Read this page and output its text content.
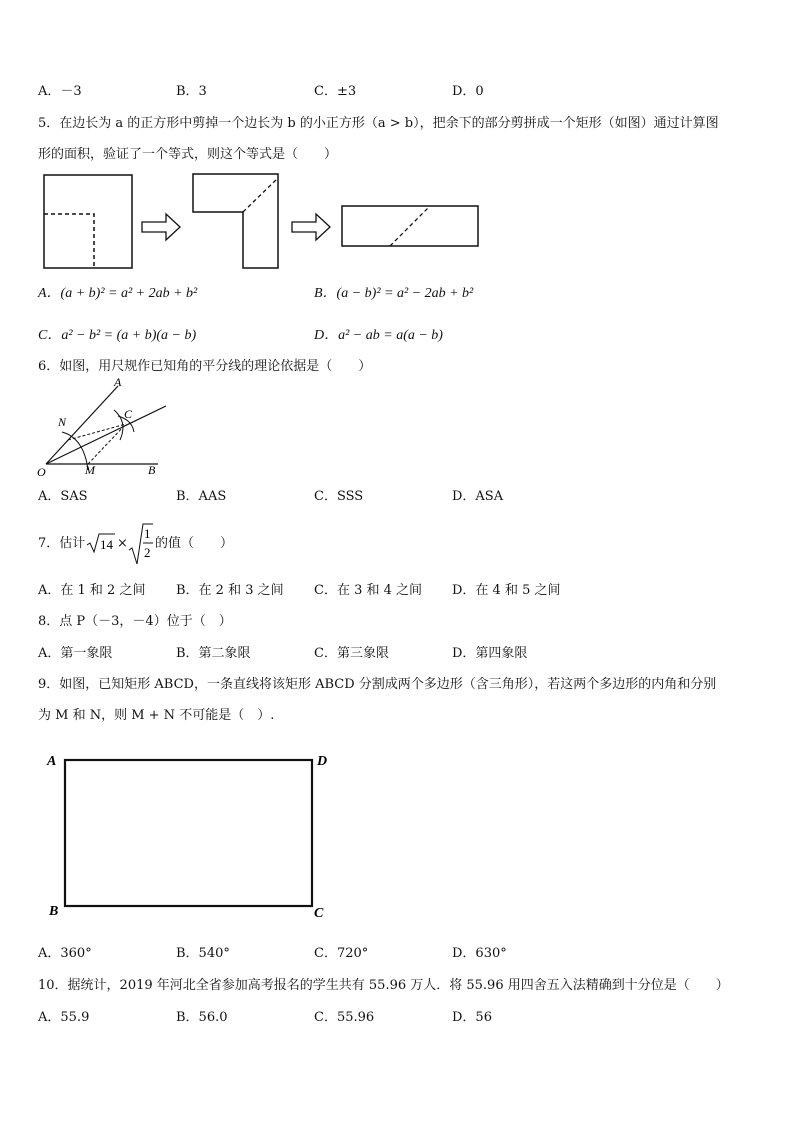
A．－3	B．3	C．±3	D．0
5．在边长为 a 的正方形中剪掉一个边长为 b 的小正方形（a > b），把余下的部分剪拼成一个矩形（如图）通过计算图
形的面积，验证了一个等式，则这个等式是（　　）
A．(a + b)² = a² + 2ab + b²	B．(a − b)² = a² − 2ab + b²
C．a² − b² = (a + b)(a − b)	D．a² − ab = a(a − b)
6．如图，用尺规作已知角的平分线的理论依据是（　　）
A
B
O
N
M
C
A．SAS	B．AAS	C．SSS	D．ASA
7．估计 14 ×
1
2
的值（　　）
A．在 1 和 2 之间 B．在 2 和 3 之间 C．在 3 和 4 之间 D．在 4 和 5 之间
8．点 P（－3，－4）位于（　）
A．第一象限	B．第二象限	C．第三象限	D．第四象限
9．如图，已知矩形 ABCD，一条直线将该矩形 ABCD 分割成两个多边形（含三角形），若这两个多边形的内角和分别
为 M 和 N，则 M + N 不可能是（　）.
A	D
B	C
A．360°	B．540°	C．720°	D．630°
10．据统计，2019 年河北全省参加高考报名的学生共有 55.96 万人．将 55.96 用四舍五入法精确到十分位是（　　）
A．55.9	B．56.0	C．55.96	D．56
